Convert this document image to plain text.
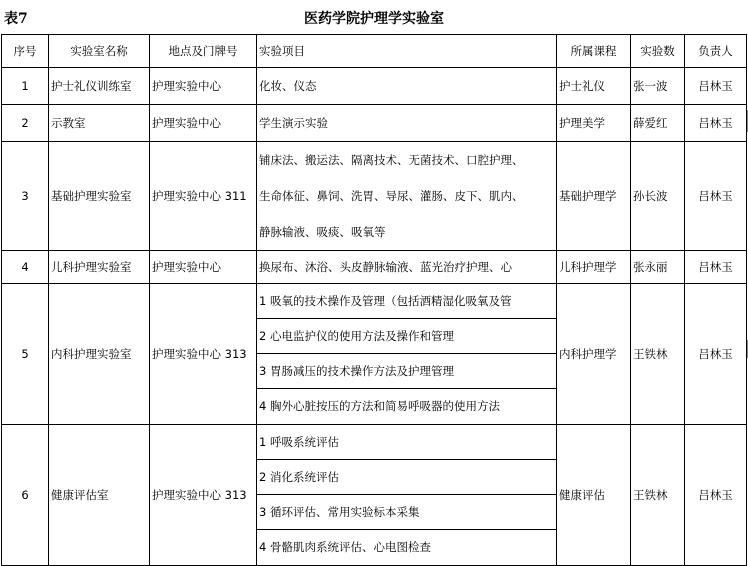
表7	医药学院护理学实验室
序号	实验室名称	地点及门牌号	实验项目	所属课程	实验数	负责人
1	护士礼仪训练室	护理实验中心	化妆、仪态	护士礼仪	张一波	吕林玉
2	示教室	护理实验中心	学生演示实验	护理美学	薛爱红	吕林玉
3	基础护理实验室	护理实验中心 311	铺床法、搬运法、隔离技术、无菌技术、口腔护理、
生命体征、鼻饲、洗胃、导尿、灌肠、皮下、肌内、
静脉输液、吸痰、吸氧等	基础护理学	孙长波	吕林玉
4	儿科护理实验室	护理实验中心	换尿布、沐浴、头皮静脉输液、蓝光治疗护理、心	儿科护理学	张永丽	吕林玉
5	内科护理实验室	护理实验中心 313	1 吸氧的技术操作及管理（包括酒精湿化吸氧及管
2 心电监护仪的使用方法及操作和管理
3 胃肠减压的技术操作方法及护理管理
4 胸外心脏按压的方法和简易呼吸器的使用方法	内科护理学	王铁林	吕林玉
6	健康评估室	护理实验中心 313	1 呼吸系统评估
2 消化系统评估
3 循环评估、常用实验标本采集
4 骨骼肌肉系统评估、心电图检查	健康评估	王铁林	吕林玉
